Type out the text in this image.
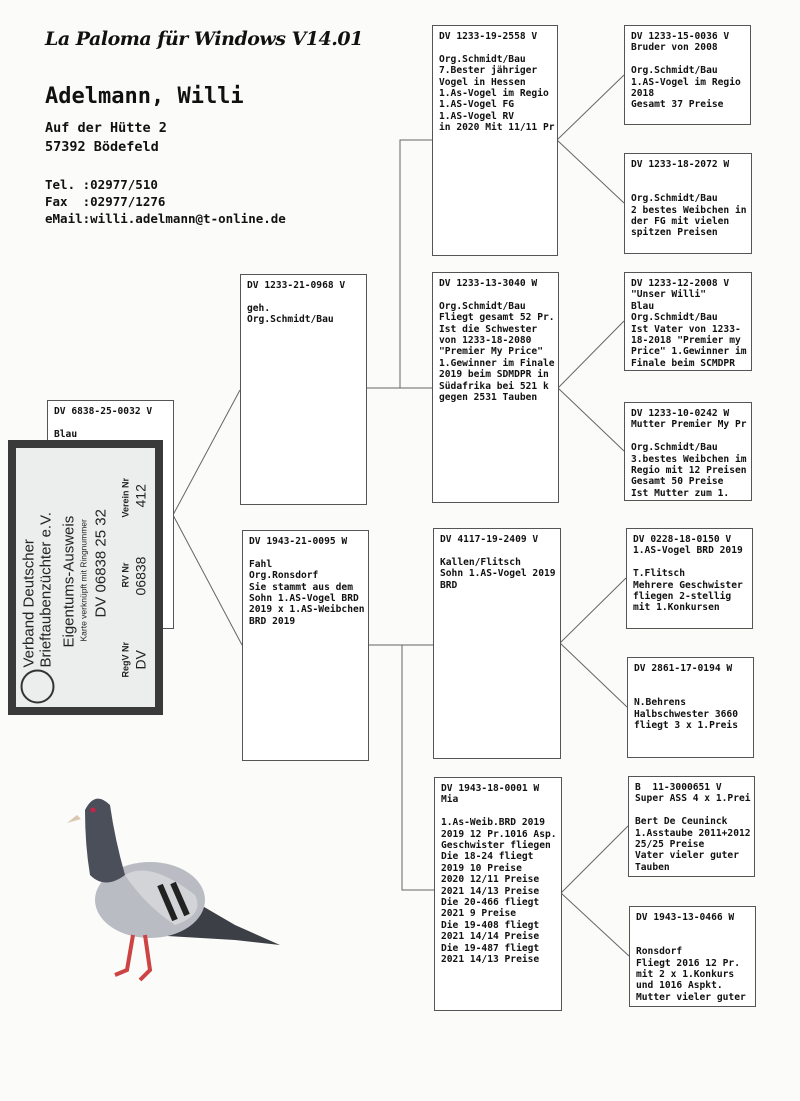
La Paloma für Windows V14.01
Adelmann, Willi
Auf der Hütte 2
57392 Bödefeld
Tel. :02977/510
Fax  :02977/1276
eMail:willi.adelmann@t-online.de
DV 6838-25-0032 V

Blau
DV 1233-21-0968 V

geh.
Org.Schmidt/Bau
DV 1943-21-0095 W

Fahl
Org.Ronsdorf
Sie stammt aus dem
Sohn 1.AS-Vogel BRD
2019 x 1.AS-Weibchen
BRD 2019
DV 1233-19-2558 V

Org.Schmidt/Bau
7.Bester jähriger
Vogel in Hessen
1.As-Vogel im Regio
1.AS-Vogel FG
1.AS-Vogel RV
in 2020 Mit 11/11 Pr
DV 1233-13-3040 W

Org.Schmidt/Bau
Fliegt gesamt 52 Pr.
Ist die Schwester
von 1233-18-2080
"Premier My Price"
1.Gewinner im Finale
2019 beim SDMDPR in
Südafrika bei 521 k
gegen 2531 Tauben
DV 4117-19-2409 V

Kallen/Flitsch
Sohn 1.AS-Vogel 2019
BRD
DV 1943-18-0001 W
Mia

1.As-Weib.BRD 2019
2019 12 Pr.1016 Asp.
Geschwister fliegen
Die 18-24 fliegt
2019 10 Preise
2020 12/11 Preise
2021 14/13 Preise
Die 20-466 fliegt
2021 9 Preise
Die 19-408 fliegt
2021 14/14 Preise
Die 19-487 fliegt
2021 14/13 Preise
DV 1233-15-0036 V
Bruder von 2008

Org.Schmidt/Bau
1.AS-Vogel im Regio
2018
Gesamt 37 Preise
DV 1233-18-2072 W

Org.Schmidt/Bau
2 bestes Weibchen in
der FG mit vielen
spitzen Preisen
DV 1233-12-2008 V
"Unser Willi"
Blau
Org.Schmidt/Bau
Ist Vater von 1233-
18-2018 "Premier my
Price" 1.Gewinner im
Finale beim SCMDPR
DV 1233-10-0242 W
Mutter Premier My Pr

Org.Schmidt/Bau
3.bestes Weibchen im
Regio mit 12 Preisen
Gesamt 50 Preise
Ist Mutter zum 1.
DV 0228-18-0150 V
1.AS-Vogel BRD 2019

T.Flitsch
Mehrere Geschwister
fliegen 2-stellig
mit 1.Konkursen
DV 2861-17-0194 W

N.Behrens
Halbschwester 3660
fliegt 3 x 1.Preis
B  11-3000651 V
Super ASS 4 x 1.Prei

Bert De Ceuninck
1.Asstaube 2011+2012
25/25 Preise
Vater vieler guter
Tauben
DV 1943-13-0466 W

Ronsdorf
Fliegt 2016 12 Pr.
mit 2 x 1.Konkurs
und 1016 Aspkt.
Mutter vieler guter
Verband Deutscher
Brieftaubenzüchter e.V. Eigentums-Ausweis Karte verknüpft mit Ringnummer DV 06838 25 32
RegV Nr DV
RV Nr 06838
Verein Nr 412
